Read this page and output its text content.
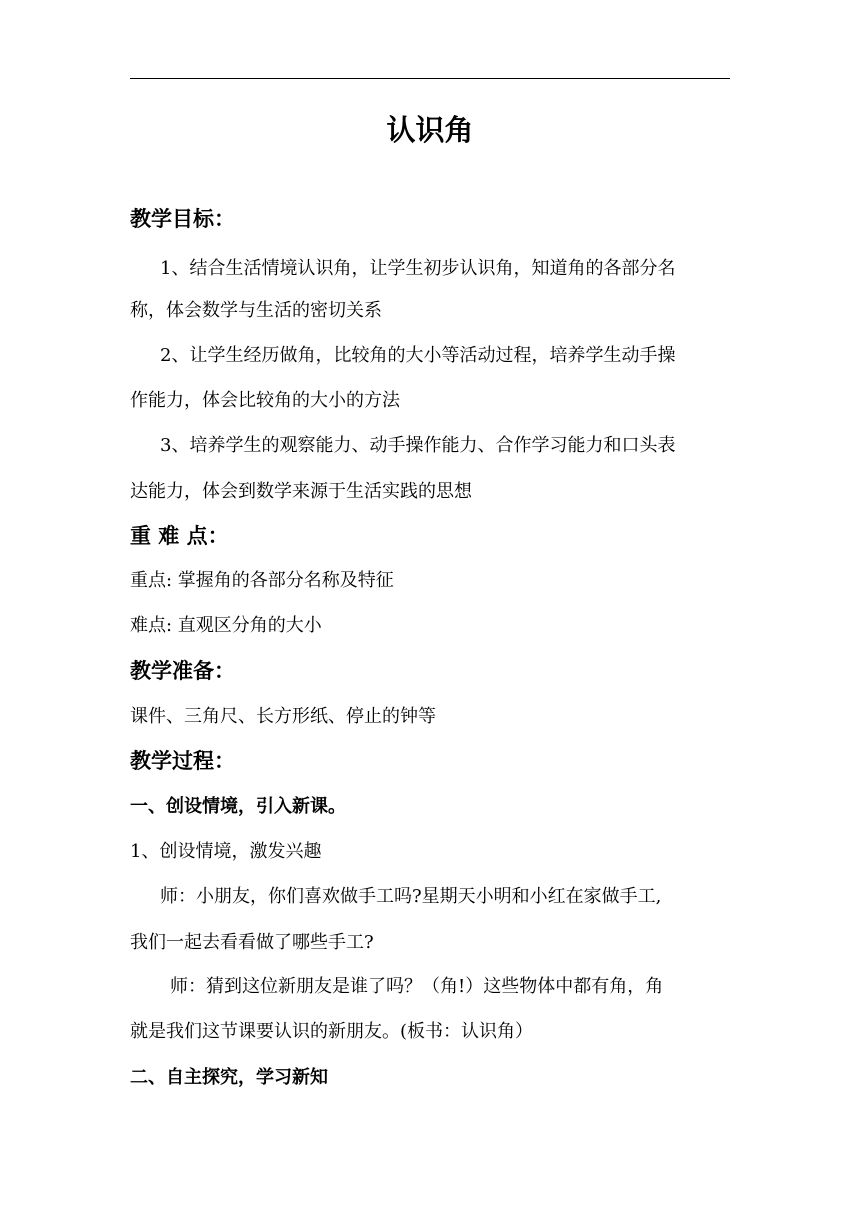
认识角
教学目标：
1、结合生活情境认识角，让学生初步认识角，知道角的各部分名
称，体会数学与生活的密切关系
2、让学生经历做角，比较角的大小等活动过程，培养学生动手操
作能力，体会比较角的大小的方法
3、培养学生的观察能力、动手操作能力、合作学习能力和口头表
达能力，体会到数学来源于生活实践的思想
重 难 点：
重点: 掌握角的各部分名称及特征
难点: 直观区分角的大小
教学准备：
课件、三角尺、长方形纸、停止的钟等
教学过程：
一、创设情境，引入新课。
1、创设情境，激发兴趣
师：小朋友，你们喜欢做手工吗?星期天小明和小红在家做手工,
我们一起去看看做了哪些手工?
师：猜到这位新朋友是谁了吗？（角!）这些物体中都有角，角
就是我们这节课要认识的新朋友。(板书：认识角）
二、自主探究，学习新知
